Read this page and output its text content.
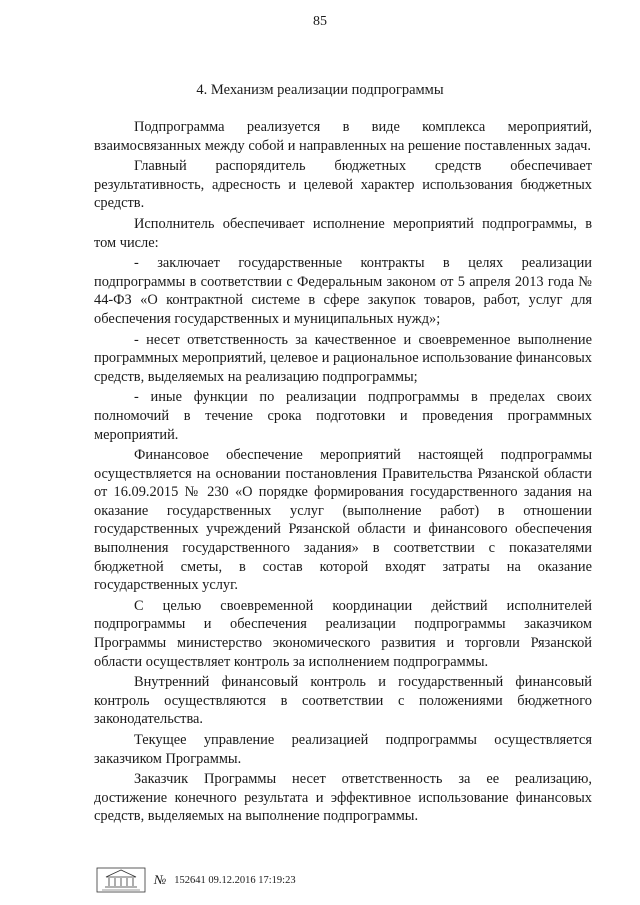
85
4. Механизм реализации подпрограммы

Подпрограмма реализуется в виде комплекса мероприятий, взаимосвязанных между собой и направленных на решение поставленных задач.

Главный распорядитель бюджетных средств обеспечивает результативность, адресность и целевой характер использования бюджетных средств.

Исполнитель обеспечивает исполнение мероприятий подпрограммы, в том числе:

- заключает государственные контракты в целях реализации подпрограммы в соответствии с Федеральным законом от 5 апреля 2013 года № 44-ФЗ «О контрактной системе в сфере закупок товаров, работ, услуг для обеспечения государственных и муниципальных нужд»;

- несет ответственность за качественное и своевременное выполнение программных мероприятий, целевое и рациональное использование финансовых средств, выделяемых на реализацию подпрограммы;

- иные функции по реализации подпрограммы в пределах своих полномочий в течение срока подготовки и проведения программных мероприятий.

Финансовое обеспечение мероприятий настоящей подпрограммы осуществляется на основании постановления Правительства Рязанской области от 16.09.2015 № 230 «О порядке формирования государственного задания на оказание государственных услуг (выполнение работ) в отношении государственных учреждений Рязанской области и финансового обеспечения выполнения государственного задания» в соответствии с показателями бюджетной сметы, в состав которой входят затраты на оказание государственных услуг.

С целью своевременной координации действий исполнителей подпрограммы и обеспечения реализации подпрограммы заказчиком Программы министерство экономического развития и торговли Рязанской области осуществляет контроль за исполнением подпрограммы.

Внутренний финансовый контроль и государственный финансовый контроль осуществляются в соответствии с положениями бюджетного законодательства.

Текущее управление реализацией подпрограммы осуществляется заказчиком Программы.

Заказчик Программы несет ответственность за ее реализацию, достижение конечного результата и эффективное использование финансовых средств, выделяемых на выполнение подпрограммы.

№ 152641 09.12.2016 17:19:23
